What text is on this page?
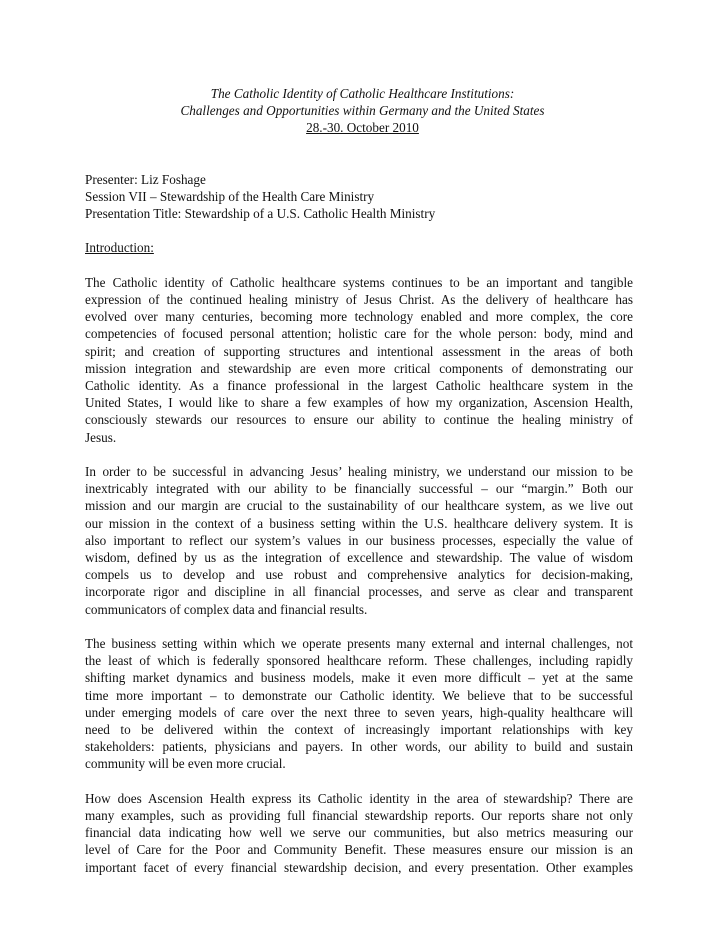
The Catholic Identity of Catholic Healthcare Institutions:
Challenges and Opportunities within Germany and the United States
28.-30. October 2010
Presenter: Liz Foshage
Session VII – Stewardship of the Health Care Ministry
Presentation Title: Stewardship of a U.S. Catholic Health Ministry
Introduction:

The Catholic identity of Catholic healthcare systems continues to be an important and tangible
expression of the continued healing ministry of Jesus Christ. As the delivery of healthcare has
evolved over many centuries, becoming more technology enabled and more complex, the core
competencies of focused personal attention; holistic care for the whole person: body, mind and
spirit; and creation of supporting structures and intentional assessment in the areas of both
mission integration and stewardship are even more critical components of demonstrating our
Catholic identity. As a finance professional in the largest Catholic healthcare system in the
United States, I would like to share a few examples of how my organization, Ascension Health,
consciously stewards our resources to ensure our ability to continue the healing ministry of
Jesus.

In order to be successful in advancing Jesus’ healing ministry, we understand our mission to be
inextricably integrated with our ability to be financially successful – our “margin.” Both our
mission and our margin are crucial to the sustainability of our healthcare system, as we live out
our mission in the context of a business setting within the U.S. healthcare delivery system. It is
also important to reflect our system’s values in our business processes, especially the value of
wisdom, defined by us as the integration of excellence and stewardship. The value of wisdom
compels us to develop and use robust and comprehensive analytics for decision-making,
incorporate rigor and discipline in all financial processes, and serve as clear and transparent
communicators of complex data and financial results.

The business setting within which we operate presents many external and internal challenges, not
the least of which is federally sponsored healthcare reform. These challenges, including rapidly
shifting market dynamics and business models, make it even more difficult – yet at the same
time more important – to demonstrate our Catholic identity. We believe that to be successful
under emerging models of care over the next three to seven years, high-quality healthcare will
need to be delivered within the context of increasingly important relationships with key
stakeholders: patients, physicians and payers. In other words, our ability to build and sustain
community will be even more crucial.

How does Ascension Health express its Catholic identity in the area of stewardship? There are
many examples, such as providing full financial stewardship reports. Our reports share not only
financial data indicating how well we serve our communities, but also metrics measuring our
level of Care for the Poor and Community Benefit. These measures ensure our mission is an
important facet of every financial stewardship decision, and every presentation. Other examples
